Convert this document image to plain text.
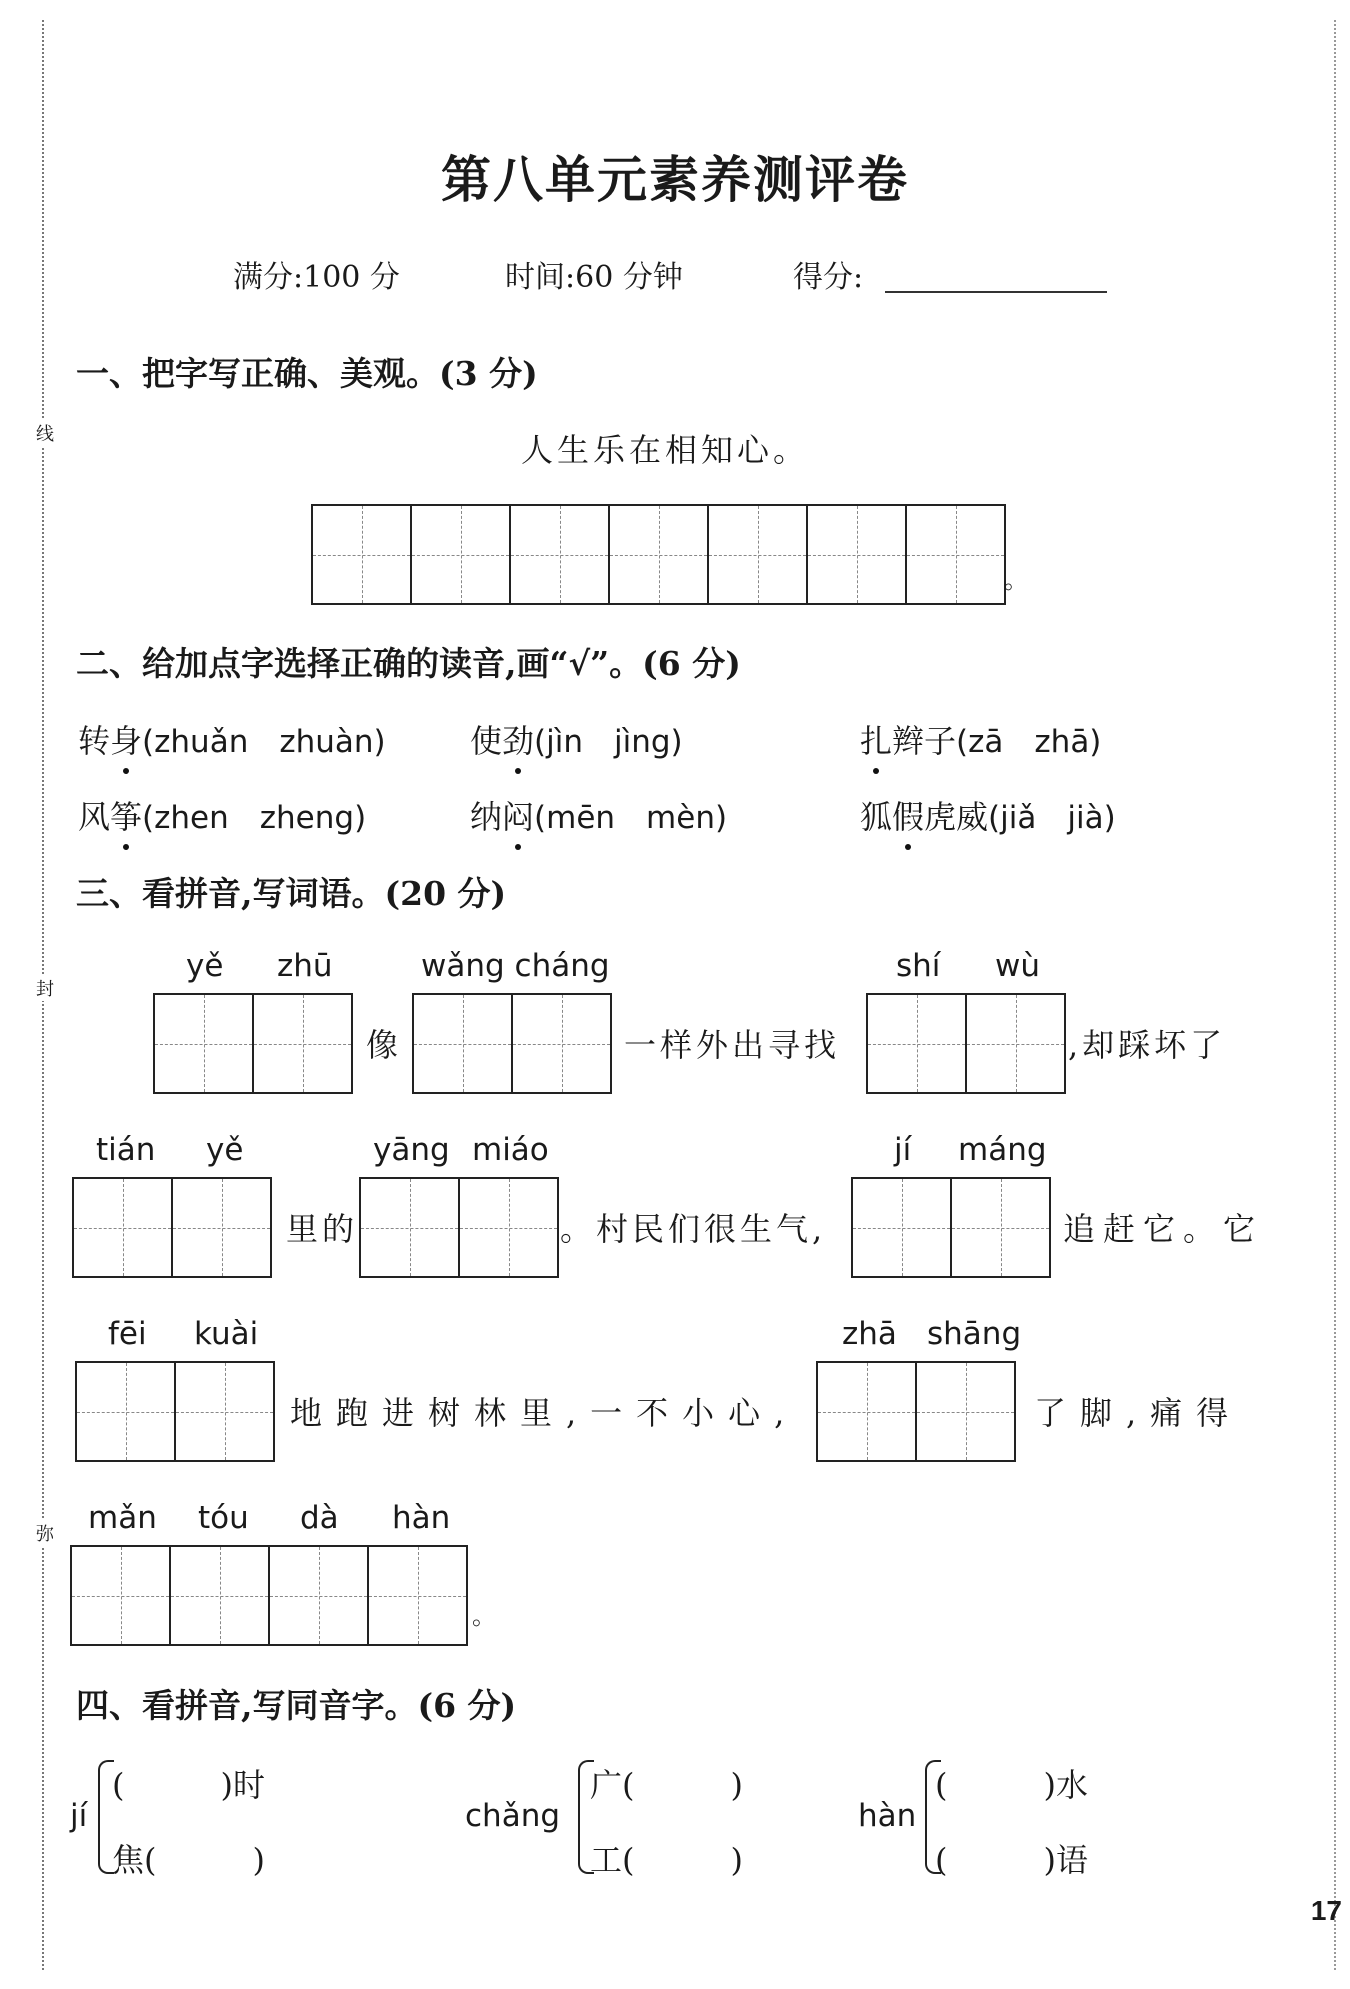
线
封
弥
第八单元素养测评卷
满分:100 分	时间:60 分钟	得分:
一、把字写正确、美观。(3 分)
人生乐在相知心。
。
二、给加点字选择正确的读音,画“√”。(6 分)
转身(zhuǎn　zhuàn)	使劲(jìn　jìng)	扎辫子(zā　zhā)
风筝(zhen　zheng)	纳闷(mēn　mèn)	狐假虎威(jiǎ　jià)
三、看拼音,写词语。(20 分)
yě zhū
像
wǎng cháng
一样外出寻找
shí wù
,却踩坏了
tián yě
里的
yāng miáo
。村民们很生气,
jí máng
追赶它。它
fēi kuài
地跑进树林里,一不小心,
zhā shāng
了脚,痛得
mǎn tóu dà hàn
。
四、看拼音,写同音字。(6 分)
jí
(　　　)时
焦(　　　)
chǎng
广(　　　)
工(　　　)
hàn
(　　　)水
(　　　)语
17
